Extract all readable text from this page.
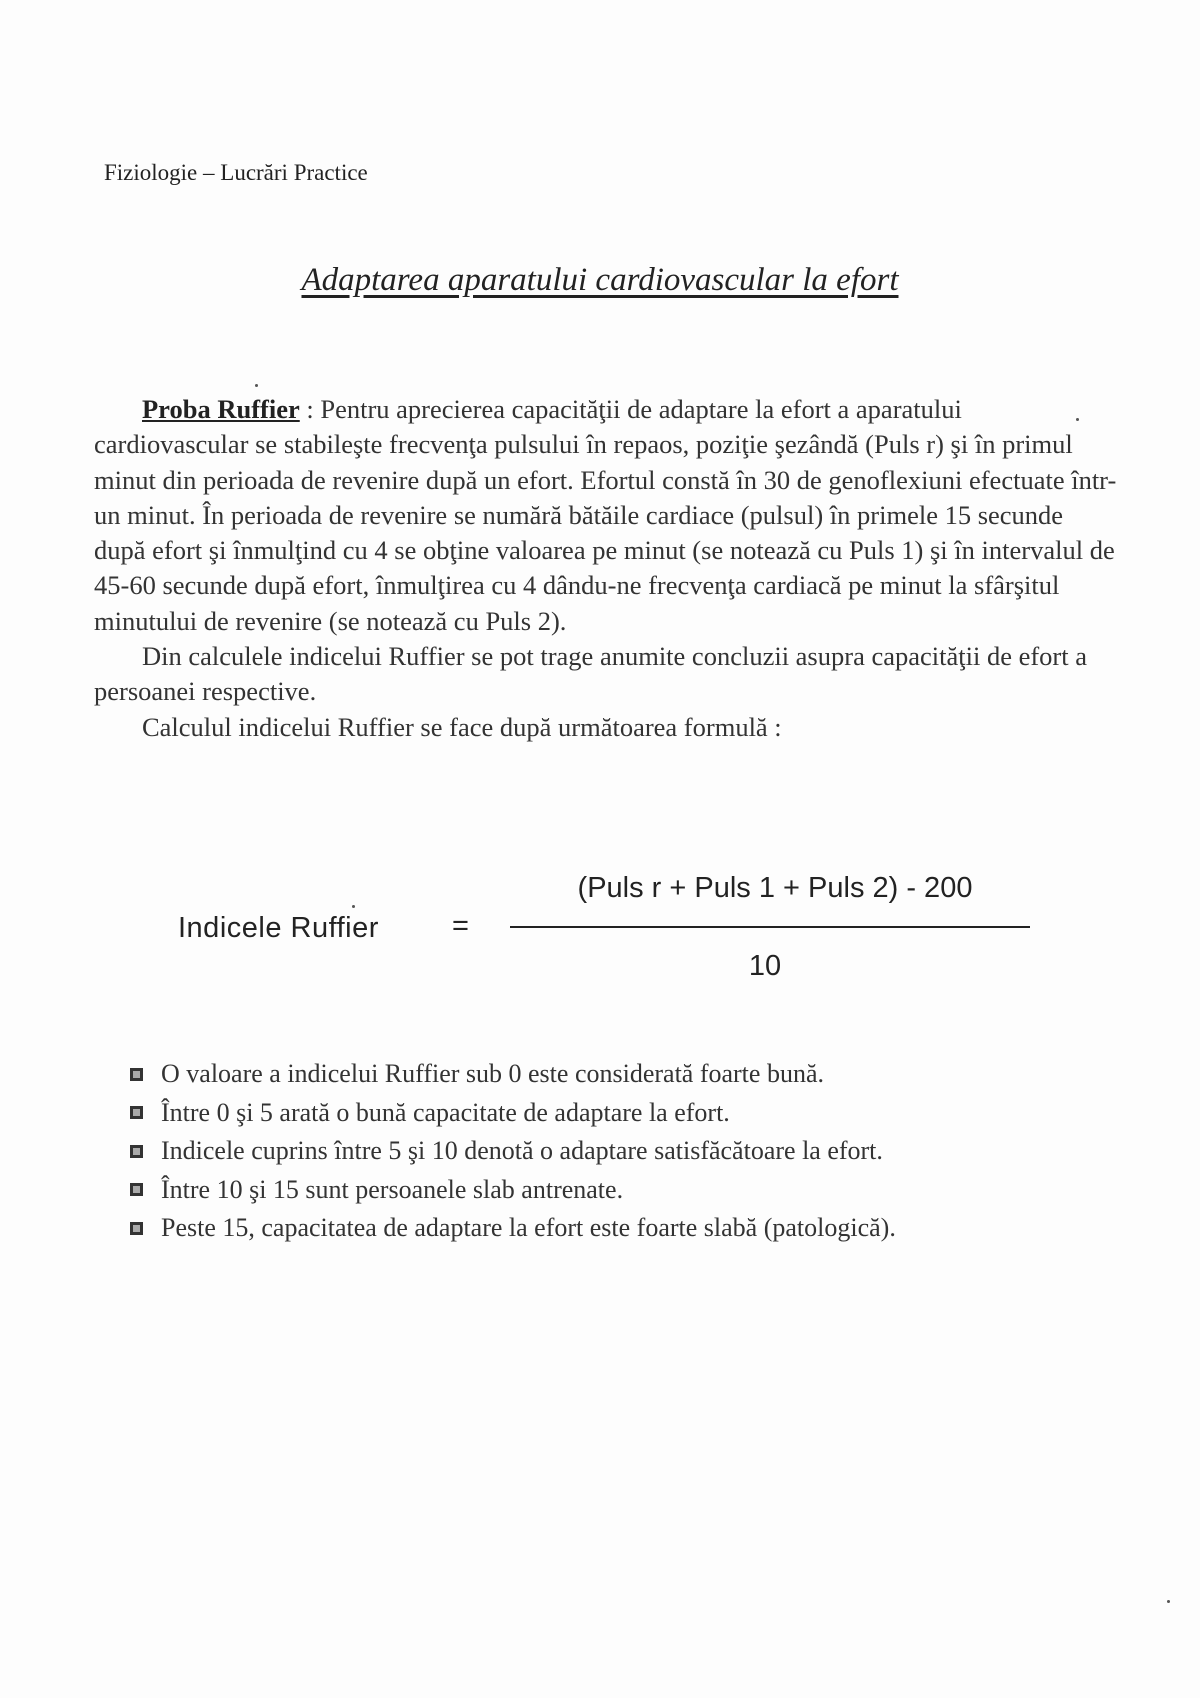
Fiziologie – Lucrări Practice
Adaptarea aparatului cardiovascular la efort

Proba Ruffier : Pentru aprecierea capacităţii de adaptare la efort a aparatului cardiovascular se stabileşte frecvenţa pulsului în repaos, poziţie şezândă (Puls r) şi în primul minut din perioada de revenire după un efort. Efortul constă în 30 de genoflexiuni efectuate într-un minut. În perioada de revenire se numără bătăile cardiace (pulsul) în primele 15 secunde după efort şi înmulţind cu 4 se obţine valoarea pe minut (se notează cu Puls 1) şi în intervalul de 45-60 secunde după efort, înmulţirea cu 4 dându-ne frecvenţa cardiacă pe minut la sfârşitul minutului de revenire (se notează cu Puls 2).

Din calculele indicelui Ruffier se pot trage anumite concluzii asupra capacităţii de efort a persoanei respective.

Calculul indicelui Ruffier se face după următoarea formulă :

Indicele Ruffier	=
(Puls r + Puls 1 + Puls 2) - 200
10
O valoare a indicelui Ruffier sub 0 este considerată foarte bună.
Între 0 şi 5 arată o bună capacitate de adaptare la efort.
Indicele cuprins între 5 şi 10 denotă o adaptare satisfăcătoare la efort.
Între 10 şi 15 sunt persoanele slab antrenate.
Peste 15, capacitatea de adaptare la efort este foarte slabă (patologică).
